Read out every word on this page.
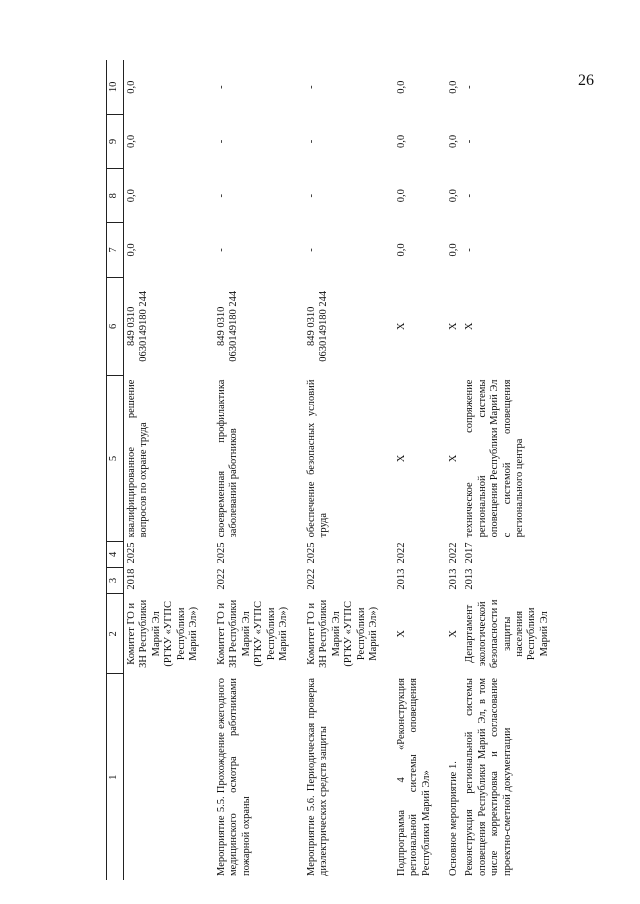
26
1	2	3	4	5	6	7	8	9	10
	Комитет ГО и ЗН Республики Марий Эл (РГКУ «УГПС Республики Марий Эл»)	2018	2025	квалифицированное решение вопросов по охране труда	849 0310 0630149180 244	0,0	0,0	0,0	0,0
Мероприятие 5.5. Прохождение ежегодного медицинского осмотра работниками пожарной охраны	Комитет ГО и ЗН Республики Марий Эл (РГКУ «УГПС Республики Марий Эл»)	2022	2025	своевременная профилактика заболеваний работников	849 0310 0630149180 244	-	-	-	-
Мероприятие 5.6. Периодическая проверка диэлектрических средств защиты	Комитет ГО и ЗН Республики Марий Эл (РГКУ «УГПС Республики Марий Эл»)	2022	2025	обеспечение безопасных условий труда	849 0310 0630149180 244	-	-	-	-
Подпрограмма 4 «Реконструкция региональной системы оповещения Республики Марий Эл»	X	2013	2022	X	X	0,0	0,0	0,0	0,0
Основное мероприятие 1.	X	2013	2022	X	X	0,0	0,0	0,0	0,0
Реконструкция региональной системы оповещения Республики Марий Эл, в том числе корректировка и согласование проектно-сметной документации	Департамент экологической безопасности и защиты населения Республики Марий Эл	2013	2017	техническое сопряжение региональной системы оповещения Республики Марий Эл с системой оповещения регионального центра	X	-	-	-	-
